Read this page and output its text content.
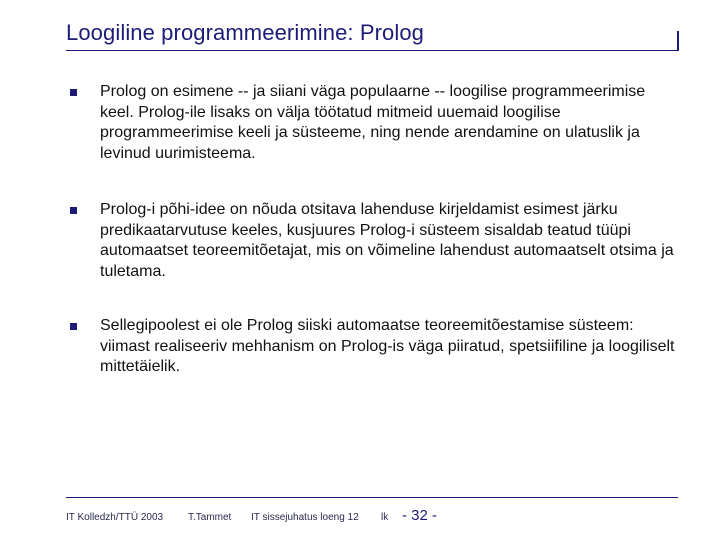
Loogiline programmeerimine: Prolog
Prolog on esimene -- ja siiani väga populaarne -- loogilise programmeerimise keel. Prolog-ile lisaks on välja töötatud mitmeid uuemaid loogilise programmeerimise keeli ja süsteeme, ning nende arendamine on ulatuslik ja levinud uurimisteema.
Prolog-i põhi-idee on nõuda otsitava lahenduse kirjeldamist esimest järku predikaatarvutuse keeles, kusjuures Prolog-i süsteem sisaldab teatud tüüpi automaatset teoreemitõetajat, mis on võimeline lahendust automaatselt otsima ja tuletama.
Sellegipoolest ei ole Prolog siiski automaatse teoreemitõestamise süsteem: viimast realiseeriv mehhanism on Prolog-is väga piiratud, spetsiifiline ja loogiliselt mittetäielik.
IT Kolledzh/TTÜ 2003 T.Tammet IT sissejuhatus loeng 12 lk - 32 -
